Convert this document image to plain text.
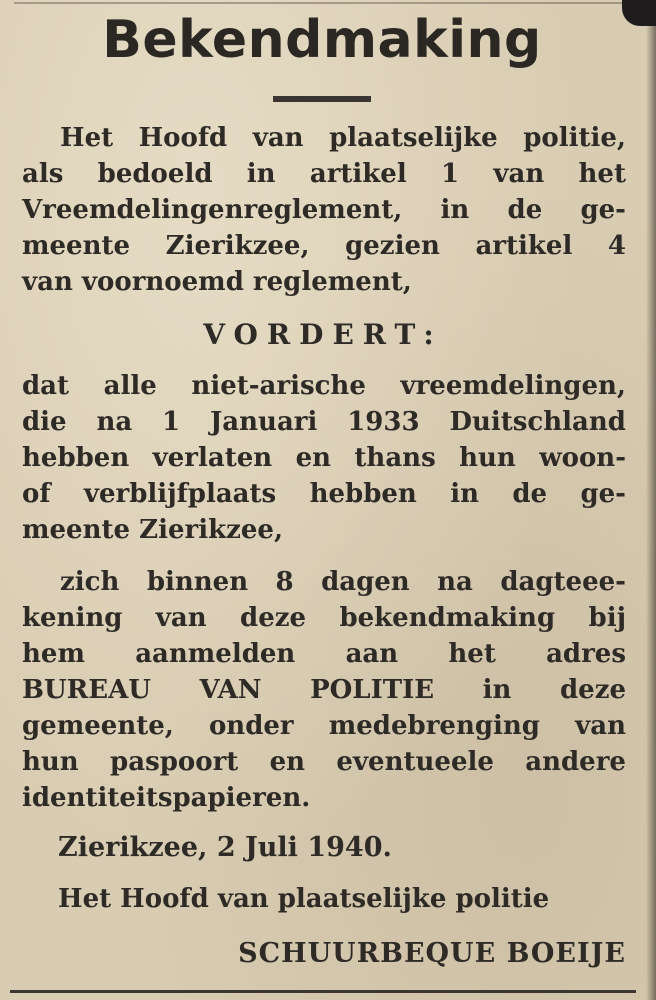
Bekendmaking
Het Hoofd van plaatselijke politie,
als bedoeld in artikel 1 van het
Vreemdelingenreglement, in de ge-
meente Zierikzee, gezien artikel 4
van voornoemd reglement,
VORDERT:
dat alle niet-arische vreemdelingen,
die na 1 Januari 1933 Duitschland
hebben verlaten en thans hun woon-
of verblijfplaats hebben in de ge-
meente Zierikzee,
zich binnen 8 dagen na dagteee-
kening van deze bekendmaking bij
hem aanmelden aan het adres
BUREAU VAN POLITIE in deze
gemeente, onder medebrenging van
hun paspoort en eventueele andere
identiteitspapieren.
Zierikzee, 2 Juli 1940.
Het Hoofd van plaatselijke politie
SCHUURBEQUE BOEIJE
